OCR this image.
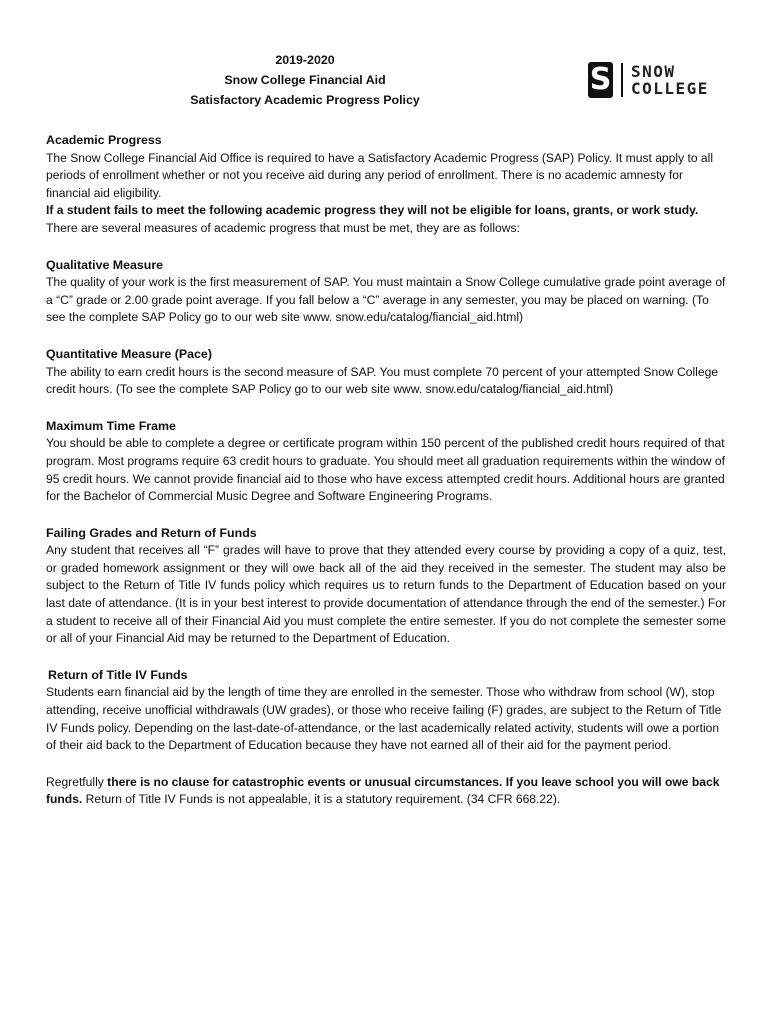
2019-2020
Snow College Financial Aid
Satisfactory Academic Progress Policy
S SNOW
COLLEGE
Academic Progress

The Snow College Financial Aid Office is required to have a Satisfactory Academic Progress (SAP) Policy. It must apply to all periods of enrollment whether or not you receive aid during any period of enrollment. There is no academic amnesty for financial aid eligibility.

If a student fails to meet the following academic progress they will not be eligible for loans, grants, or work study.

There are several measures of academic progress that must be met, they are as follows:

Qualitative Measure

The quality of your work is the first measurement of SAP. You must maintain a Snow College cumulative grade point average of a “C” grade or 2.00 grade point average. If you fall below a “C” average in any semester, you may be placed on warning. (To see the complete SAP Policy go to our web site www. snow.edu/catalog/fiancial_aid.html)

Quantitative Measure (Pace)

The ability to earn credit hours is the second measure of SAP. You must complete 70 percent of your attempted Snow College credit hours. (To see the complete SAP Policy go to our web site www. snow.edu/catalog/fiancial_aid.html)

Maximum Time Frame

You should be able to complete a degree or certificate program within 150 percent of the published credit hours required of that program. Most programs require 63 credit hours to graduate. You should meet all graduation requirements within the window of 95 credit hours. We cannot provide financial aid to those who have excess attempted credit hours. Additional hours are granted for the Bachelor of Commercial Music Degree and Software Engineering Programs.

Failing Grades and Return of Funds

Any student that receives all “F” grades will have to prove that they attended every course by providing a copy of a quiz, test, or graded homework assignment or they will owe back all of the aid they received in the semester. The student may also be subject to the Return of Title IV funds policy which requires us to return funds to the Department of Education based on your last date of attendance. (It is in your best interest to provide documentation of attendance through the end of the semester.) For a student to receive all of their Financial Aid you must complete the entire semester. If you do not complete the semester some or all of your Financial Aid may be returned to the Department of Education.

Return of Title IV Funds

Students earn financial aid by the length of time they are enrolled in the semester. Those who withdraw from school (W), stop attending, receive unofficial withdrawals (UW grades), or those who receive failing (F) grades, are subject to the Return of Title IV Funds policy. Depending on the last-date-of-attendance, or the last academically related activity, students will owe a portion of their aid back to the Department of Education because they have not earned all of their aid for the payment period.

Regretfully there is no clause for catastrophic events or unusual circumstances. If you leave school you will owe back funds. Return of Title IV Funds is not appealable, it is a statutory requirement. (34 CFR 668.22).
